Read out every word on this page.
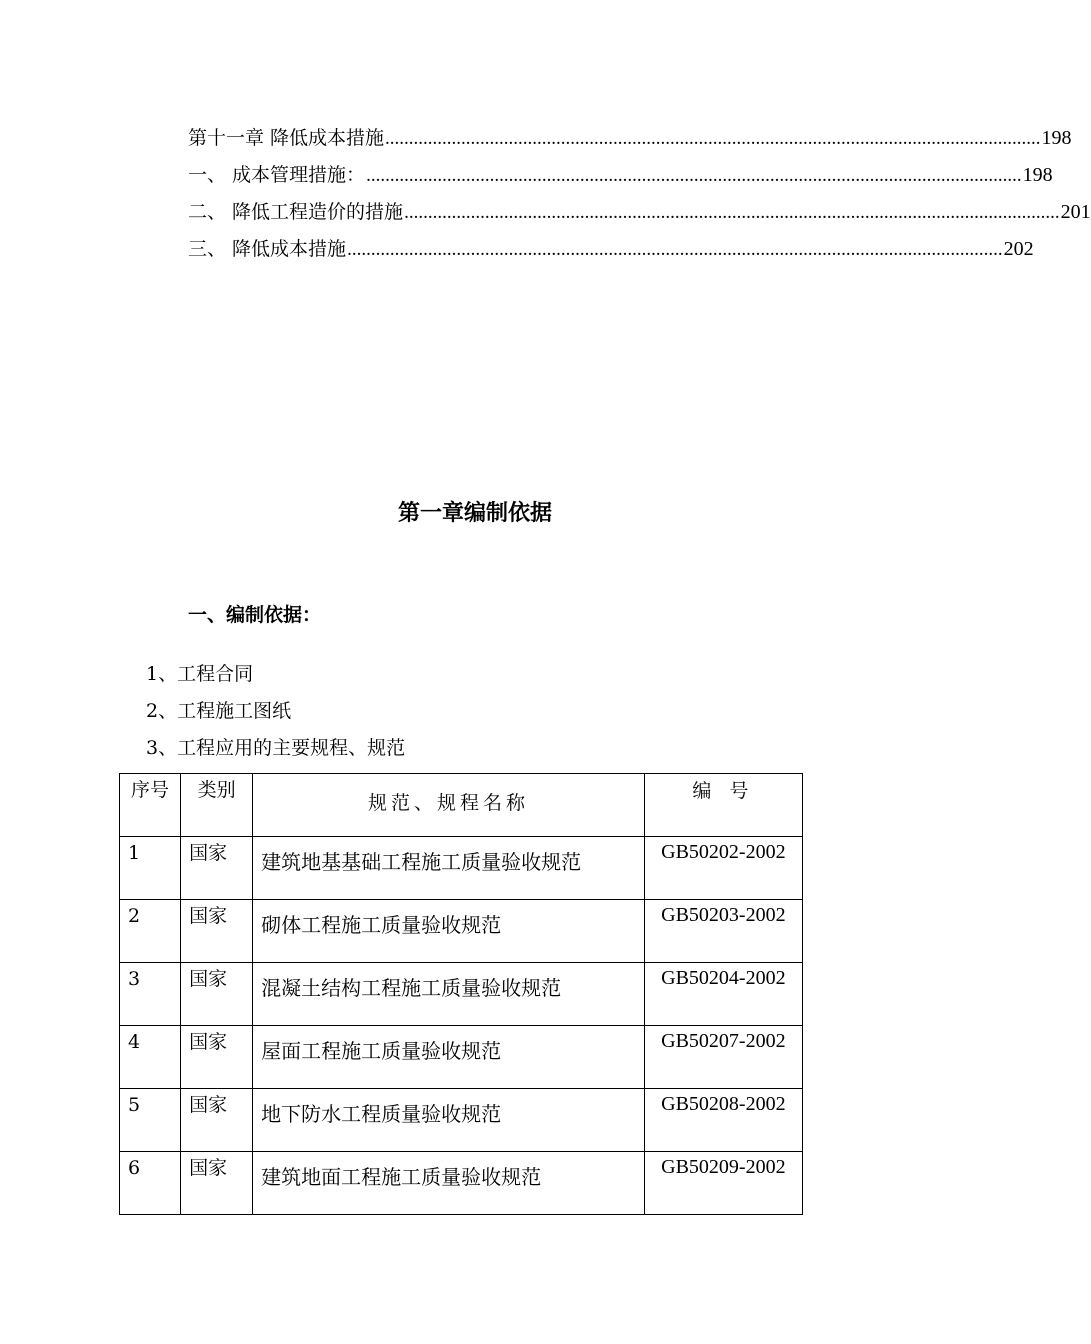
第十一章 降低成本措施 .......................................................................................................................................... 198
一、 成本管理措施： .......................................................................................................................................... 198
二、 降低工程造价的措施 .......................................................................................................................................... 201
三、 降低成本措施 .......................................................................................................................................... 202
第一章编制依据
一、编制依据：
1、工程合同
2、工程施工图纸
3、工程应用的主要规程、规范
序号	类别	规范、规程名称	编 号

1	国家	建筑地基基础工程施工质量验收规范	GB50202-2002

2	国家	砌体工程施工质量验收规范	GB50203-2002

3	国家	混凝土结构工程施工质量验收规范	GB50204-2002

4	国家	屋面工程施工质量验收规范	GB50207-2002

5	国家	地下防水工程质量验收规范	GB50208-2002

6	国家	建筑地面工程施工质量验收规范	GB50209-2002
